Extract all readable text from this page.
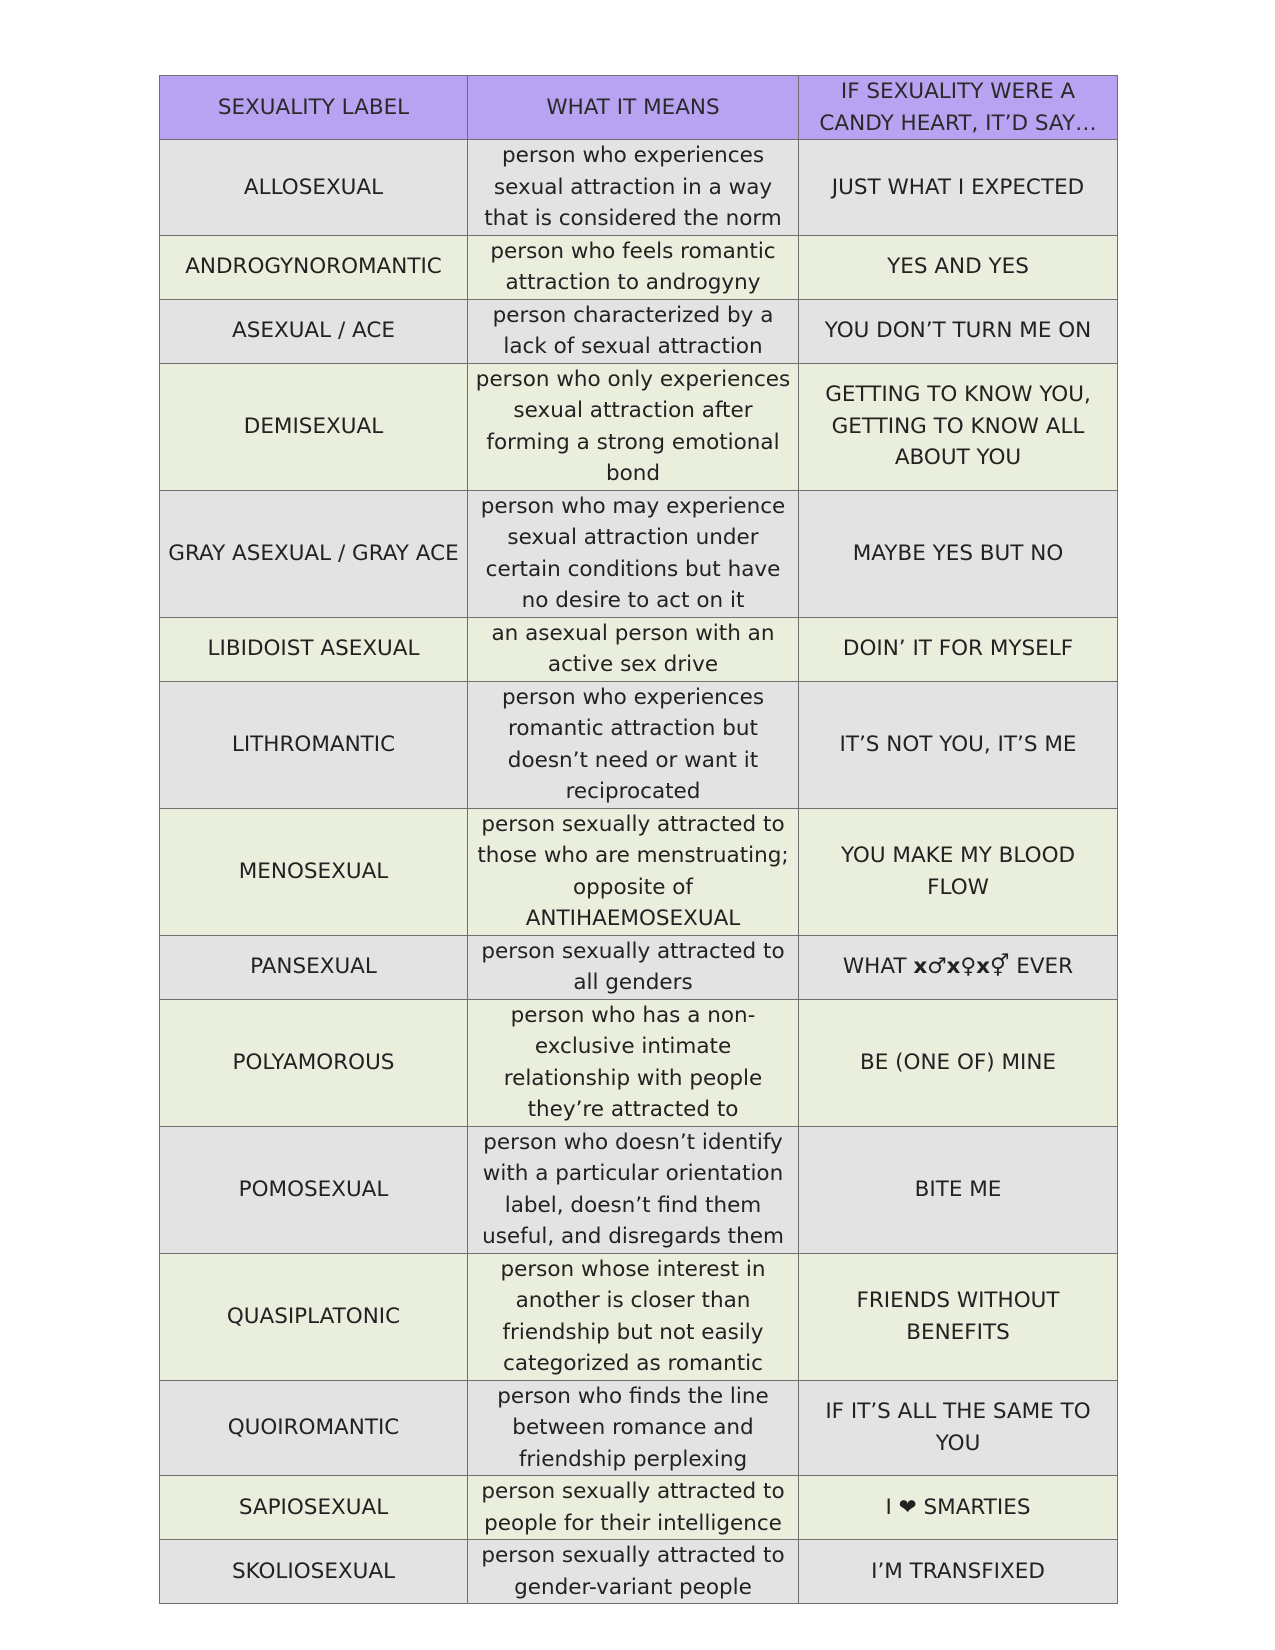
SEXUALITY LABEL	WHAT IT MEANS	IF SEXUALITY WERE A CANDY HEART, IT’D SAY…
ALLOSEXUAL	person who experiences sexual attraction in a way that is considered the norm	JUST WHAT I EXPECTED
ANDROGYNOROMANTIC	person who feels romantic attraction to androgyny	YES AND YES
ASEXUAL / ACE	person characterized by a lack of sexual attraction	YOU DON’T TURN ME ON
DEMISEXUAL	person who only experiences sexual attraction after forming a strong emotional bond	GETTING TO KNOW YOU, GETTING TO KNOW ALL ABOUT YOU
GRAY ASEXUAL / GRAY ACE	person who may experience sexual attraction under certain conditions but have no desire to act on it	MAYBE YES BUT NO
LIBIDOIST ASEXUAL	an asexual person with an active sex drive	DOIN’ IT FOR MYSELF
LITHROMANTIC	person who experiences romantic attraction but doesn’t need or want it reciprocated	IT’S NOT YOU, IT’S ME
MENOSEXUAL	person sexually attracted to those who are menstruating; opposite of ANTIHAEMOSEXUAL	YOU MAKE MY BLOOD FLOW
PANSEXUAL	person sexually attracted to all genders	WHAT x♂x♀x⚥ EVER
POLYAMOROUS	person who has a non-exclusive intimate relationship with people they’re attracted to	BE (ONE OF) MINE
POMOSEXUAL	person who doesn’t identify with a particular orientation label, doesn’t find them useful, and disregards them	BITE ME
QUASIPLATONIC	person whose interest in another is closer than friendship but not easily categorized as romantic	FRIENDS WITHOUT BENEFITS
QUOIROMANTIC	person who finds the line between romance and friendship perplexing	IF IT’S ALL THE SAME TO YOU
SAPIOSEXUAL	person sexually attracted to people for their intelligence	I ❤ SMARTIES
SKOLIOSEXUAL	person sexually attracted to gender-variant people	I’M TRANSFIXED
